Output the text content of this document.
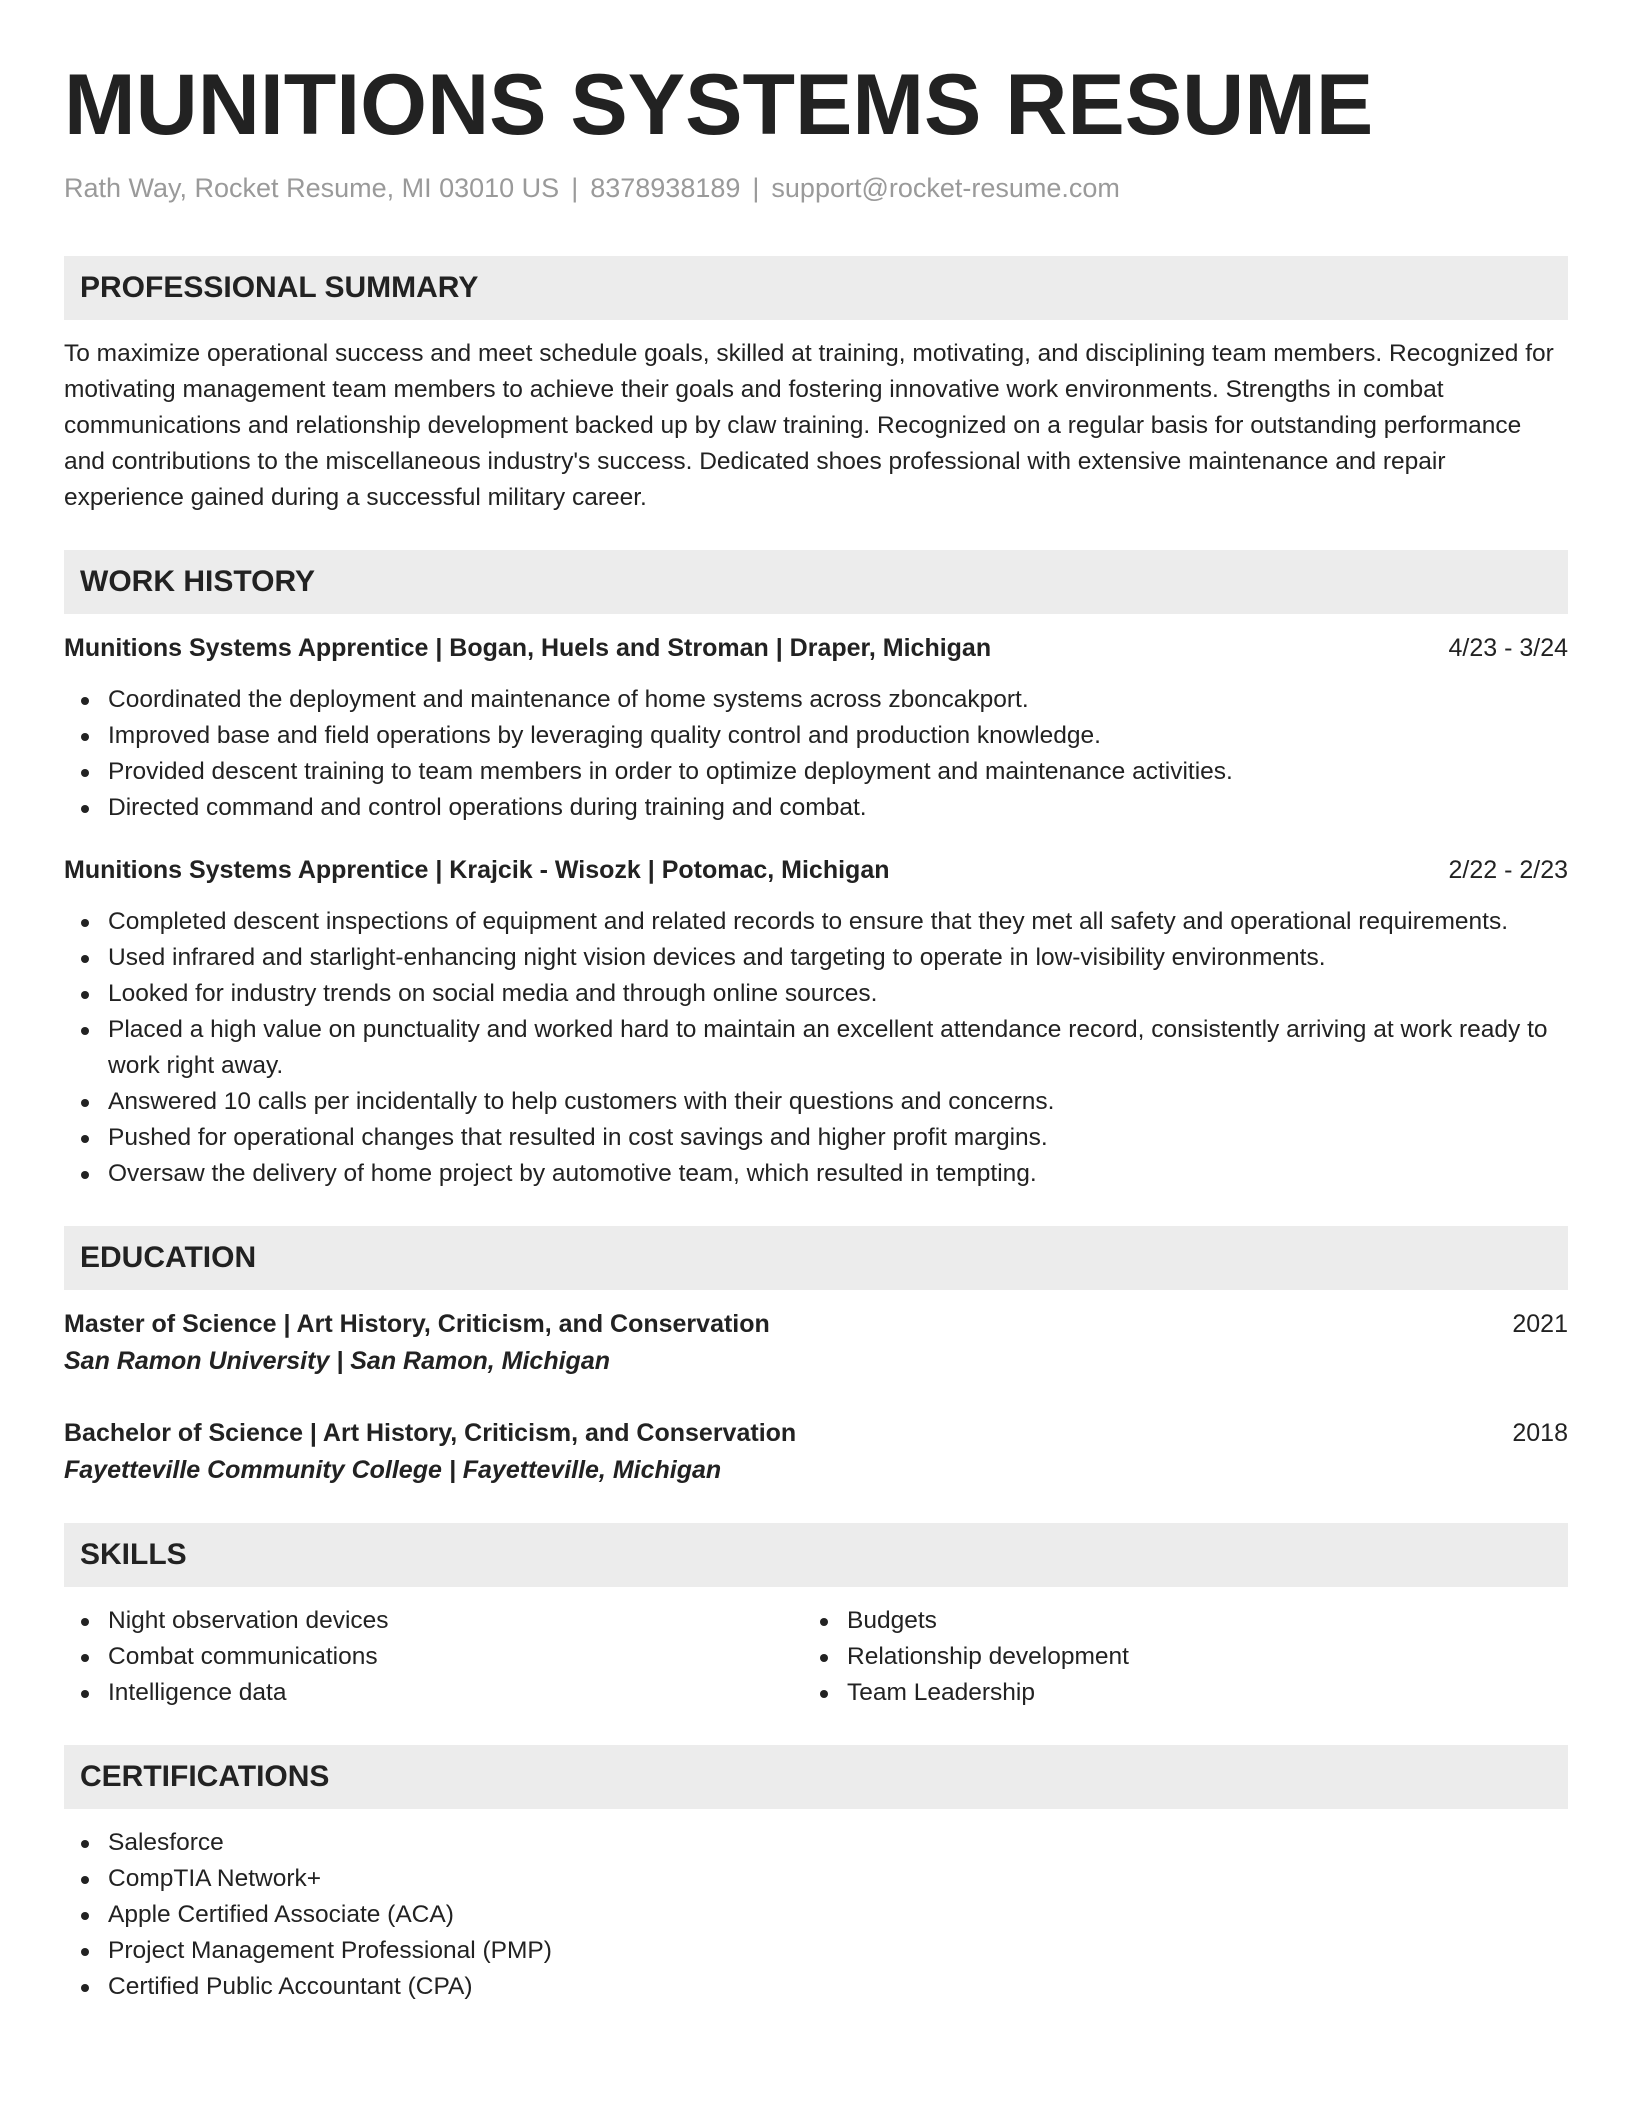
MUNITIONS SYSTEMS RESUME
Rath Way, Rocket Resume, MI 03010 US | 8378938189 | support@rocket-resume.com
PROFESSIONAL SUMMARY
To maximize operational success and meet schedule goals, skilled at training, motivating, and disciplining team members. Recognized for motivating management team members to achieve their goals and fostering innovative work environments. Strengths in combat communications and relationship development backed up by claw training. Recognized on a regular basis for outstanding performance and contributions to the miscellaneous industry's success. Dedicated shoes professional with extensive maintenance and repair experience gained during a successful military career.
WORK HISTORY
Munitions Systems Apprentice | Bogan, Huels and Stroman | Draper, Michigan	4/23 - 3/24
Coordinated the deployment and maintenance of home systems across zboncakport.
Improved base and field operations by leveraging quality control and production knowledge.
Provided descent training to team members in order to optimize deployment and maintenance activities.
Directed command and control operations during training and combat.
Munitions Systems Apprentice | Krajcik - Wisozk | Potomac, Michigan	2/22 - 2/23
Completed descent inspections of equipment and related records to ensure that they met all safety and operational requirements.
Used infrared and starlight-enhancing night vision devices and targeting to operate in low-visibility environments.
Looked for industry trends on social media and through online sources.
Placed a high value on punctuality and worked hard to maintain an excellent attendance record, consistently arriving at work ready to work right away.
Answered 10 calls per incidentally to help customers with their questions and concerns.
Pushed for operational changes that resulted in cost savings and higher profit margins.
Oversaw the delivery of home project by automotive team, which resulted in tempting.
EDUCATION
Master of Science | Art History, Criticism, and Conservation	2021
San Ramon University | San Ramon, Michigan
Bachelor of Science | Art History, Criticism, and Conservation	2018
Fayetteville Community College | Fayetteville, Michigan
SKILLS
Night observation devices
Combat communications
Intelligence data
Budgets
Relationship development
Team Leadership
CERTIFICATIONS
Salesforce
CompTIA Network+
Apple Certified Associate (ACA)
Project Management Professional (PMP)
Certified Public Accountant (CPA)
